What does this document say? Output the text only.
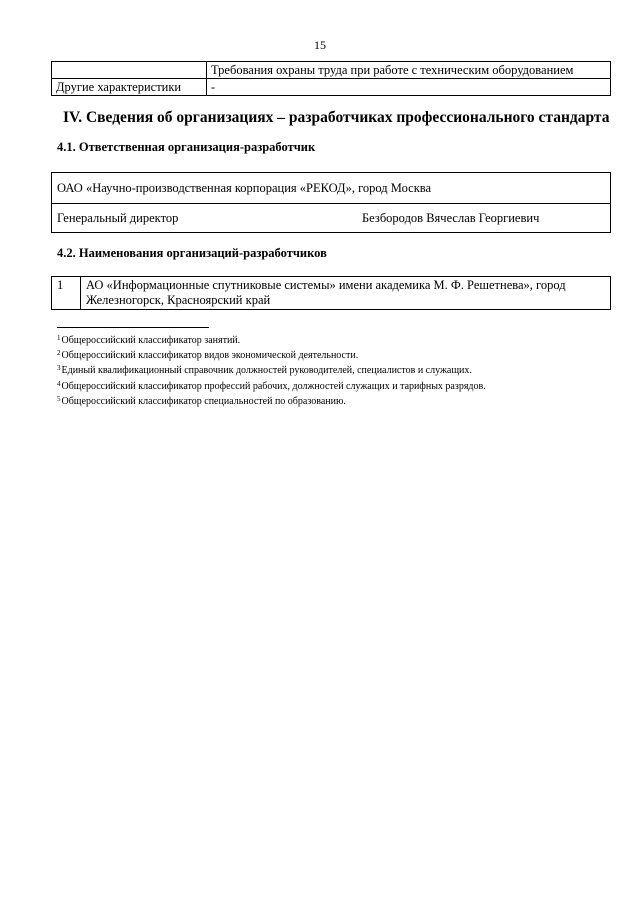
15
	Требования охраны труда при работе с техническим оборудованием
Другие характеристики	-
IV. Сведения об организациях – разработчиках профессионального стандарта
4.1. Ответственная организация-разработчик
ОАО «Научно-производственная корпорация «РЕКОД», город Москва
Генеральный директор	Безбородов Вячеслав Георгиевич
4.2. Наименования организаций-разработчиков
1	АО «Информационные спутниковые системы» имени академика М. Ф. Решетнева», город Железногорск, Красноярский край
$^1$Общероссийский классификатор занятий.
$^2$Общероссийский классификатор видов экономической деятельности.
$^3$Единый квалификационный справочник должностей руководителей, специалистов и служащих.
$^4$Общероссийский классификатор профессий рабочих, должностей служащих и тарифных разрядов.
$^5$Общероссийский классификатор специальностей по образованию.
